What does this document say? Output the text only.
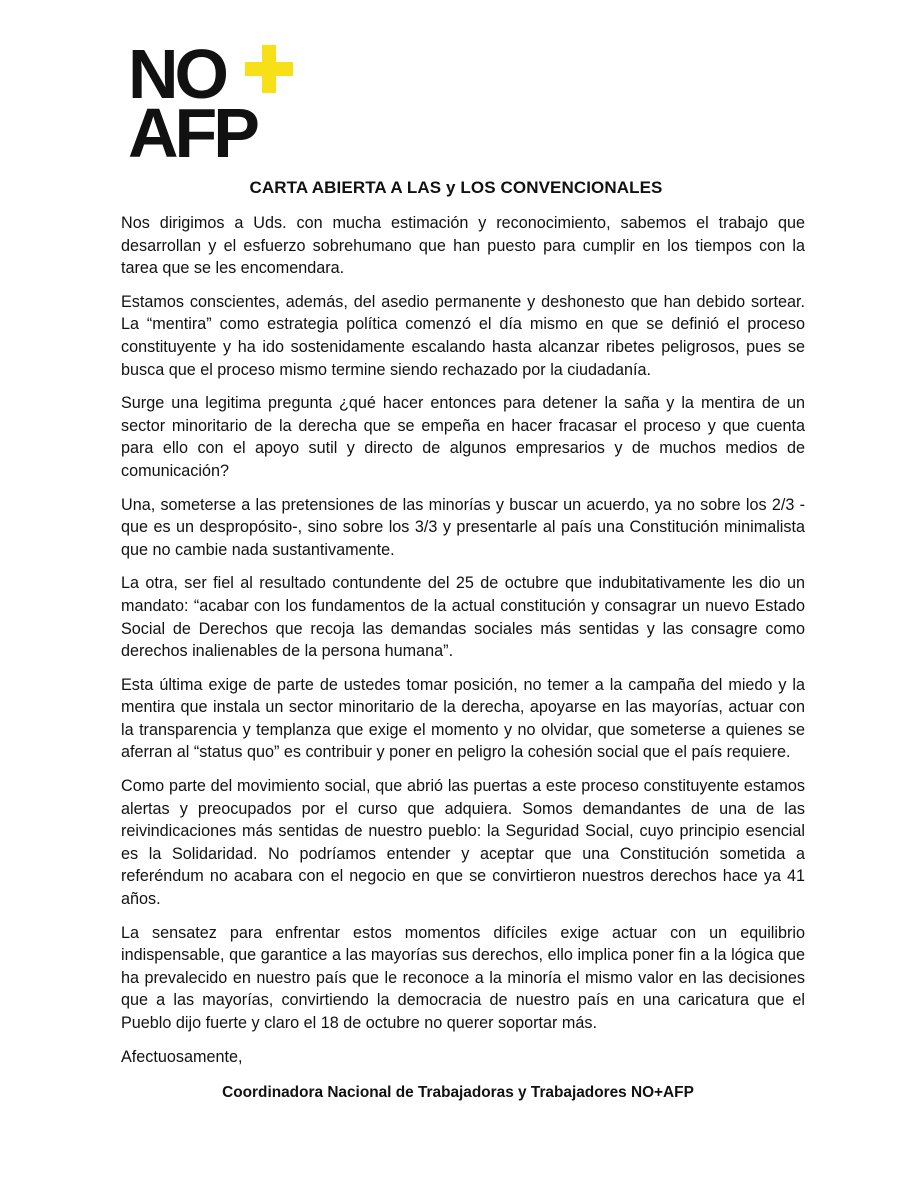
NO
AFP
CARTA ABIERTA A LAS y LOS CONVENCIONALES

Nos dirigimos a Uds. con mucha estimación y reconocimiento, sabemos el trabajo que desarrollan y el esfuerzo sobrehumano que han puesto para cumplir en los tiempos con la tarea que se les encomendara.

Estamos conscientes, además, del asedio permanente y deshonesto que han debido sortear. La “mentira” como estrategia política comenzó el día mismo en que se definió el proceso constituyente y ha ido sostenidamente escalando hasta alcanzar ribetes peligrosos, pues se busca que el proceso mismo termine siendo rechazado por la ciudadanía.

Surge una legitima pregunta ¿qué hacer entonces para detener la saña y la mentira de un sector minoritario de la derecha que se empeña en hacer fracasar el proceso y que cuenta para ello con el apoyo sutil y directo de algunos empresarios y de muchos medios de comunicación?

Una, someterse a las pretensiones de las minorías y buscar un acuerdo, ya no sobre los 2/3 -que es un despropósito-, sino sobre los 3/3 y presentarle al país una Constitución minimalista que no cambie nada sustantivamente.

La otra, ser fiel al resultado contundente del 25 de octubre que indubitativamente les dio un mandato: “acabar con los fundamentos de la actual constitución y consagrar un nuevo Estado Social de Derechos que recoja las demandas sociales más sentidas y las consagre como derechos inalienables de la persona humana”.

Esta última exige de parte de ustedes tomar posición, no temer a la campaña del miedo y la mentira que instala un sector minoritario de la derecha, apoyarse en las mayorías, actuar con la transparencia y templanza que exige el momento y no olvidar, que someterse a quienes se aferran al “status quo” es contribuir y poner en peligro la cohesión social que el país requiere.

Como parte del movimiento social, que abrió las puertas a este proceso constituyente estamos alertas y preocupados por el curso que adquiera. Somos demandantes de una de las reivindicaciones más sentidas de nuestro pueblo: la Seguridad Social, cuyo principio esencial es la Solidaridad. No podríamos entender y aceptar que una Constitución sometida a referéndum no acabara con el negocio en que se convirtieron nuestros derechos hace ya 41 años.

La sensatez para enfrentar estos momentos difíciles exige actuar con un equilibrio indispensable, que garantice a las mayorías sus derechos, ello implica poner fin a la lógica que ha prevalecido en nuestro país que le reconoce a la minoría el mismo valor en las decisiones que a las mayorías, convirtiendo la democracia de nuestro país en una caricatura que el Pueblo dijo fuerte y claro el 18 de octubre no querer soportar más.

Afectuosamente,

Coordinadora Nacional de Trabajadoras y Trabajadores NO+AFP
